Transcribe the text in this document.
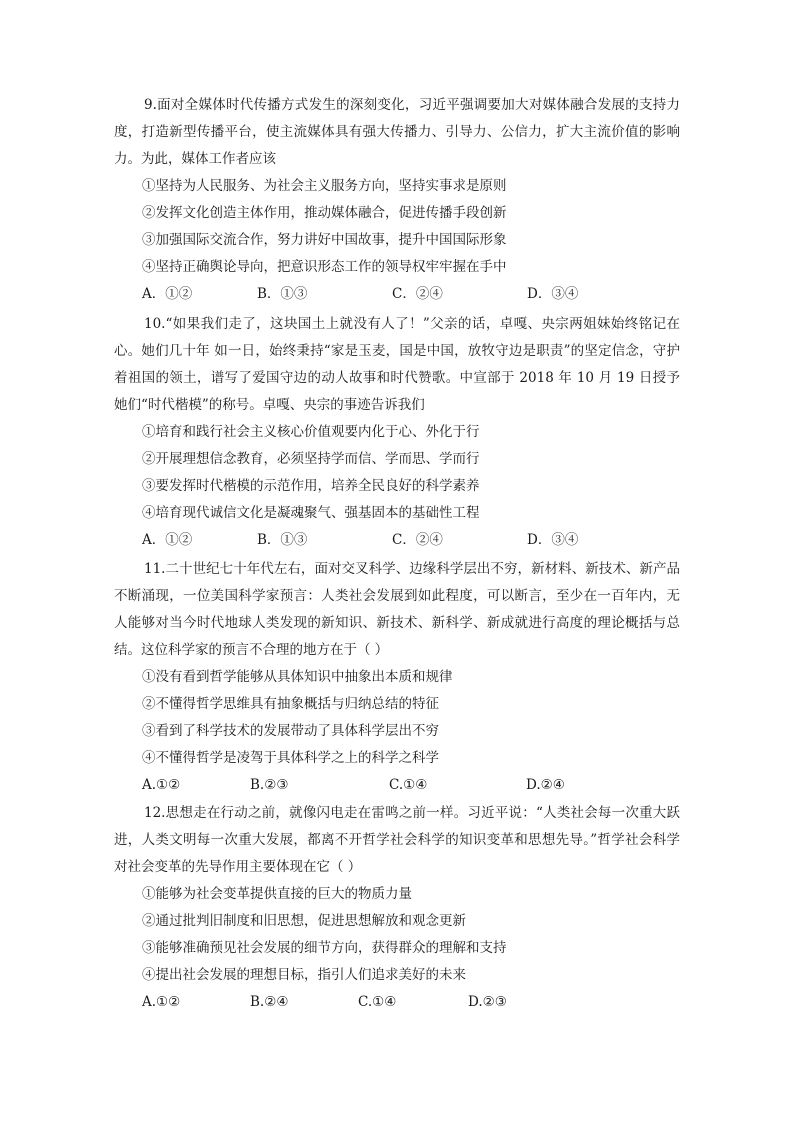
9.面对全媒体时代传播方式发生的深刻变化，习近平强调要加大对媒体融合发展的支持力度，打造新型传播平台，使主流媒体具有强大传播力、引导力、公信力，扩大主流价值的影响力。为此，媒体工作者应该

①坚持为人民服务、为社会主义服务方向，坚持实事求是原则

②发挥文化创造主体作用，推动媒体融合，促进传播手段创新

③加强国际交流合作，努力讲好中国故事，提升中国国际形象

④坚持正确舆论导向，把意识形态工作的领导权牢牢握在手中

A．①②	B．①③	C．②④	D．③④

10.“如果我们走了，这块国土上就没有人了！”父亲的话，卓嘎、央宗两姐妹始终铭记在心。她们几十年 如一日，始终秉持“家是玉麦，国是中国，放牧守边是职责”的坚定信念，守护着祖国的领土，谱写了爱国守边的动人故事和时代赞歌。中宣部于 2018 年 10 月 19 日授予她们“时代楷模”的称号。卓嘎、央宗的事迹告诉我们

①培育和践行社会主义核心价值观要内化于心、外化于行

②开展理想信念教育，必须坚持学而信、学而思、学而行

③要发挥时代楷模的示范作用，培养全民良好的科学素养

④培育现代诚信文化是凝魂聚气、强基固本的基础性工程

A．①②	B．①③	C．②④	D．③④

11.二十世纪七十年代左右，面对交叉科学、边缘科学层出不穷，新材料、新技术、新产品不断涌现，一位美国科学家预言：人类社会发展到如此程度，可以断言，至少在一百年内，无人能够对当今时代地球人类发现的新知识、新技术、新科学、新成就进行高度的理论概括与总结。这位科学家的预言不合理的地方在于（ ）

①没有看到哲学能够从具体知识中抽象出本质和规律

②不懂得哲学思维具有抽象概括与归纳总结的特征

③看到了科学技术的发展带动了具体科学层出不穷

④不懂得哲学是凌驾于具体科学之上的科学之科学

A.①②	B.②③	C.①④	D.②④

12.思想走在行动之前，就像闪电走在雷鸣之前一样。习近平说：“人类社会每一次重大跃进，人类文明每一次重大发展，都离不开哲学社会科学的知识变革和思想先导。”哲学社会科学对社会变革的先导作用主要体现在它（ ）

①能够为社会变革提供直接的巨大的物质力量

②通过批判旧制度和旧思想，促进思想解放和观念更新

③能够准确预见社会发展的细节方向，获得群众的理解和支持

④提出社会发展的理想目标，指引人们追求美好的未来

A.①②	B.②④	C.①④	D.②③
